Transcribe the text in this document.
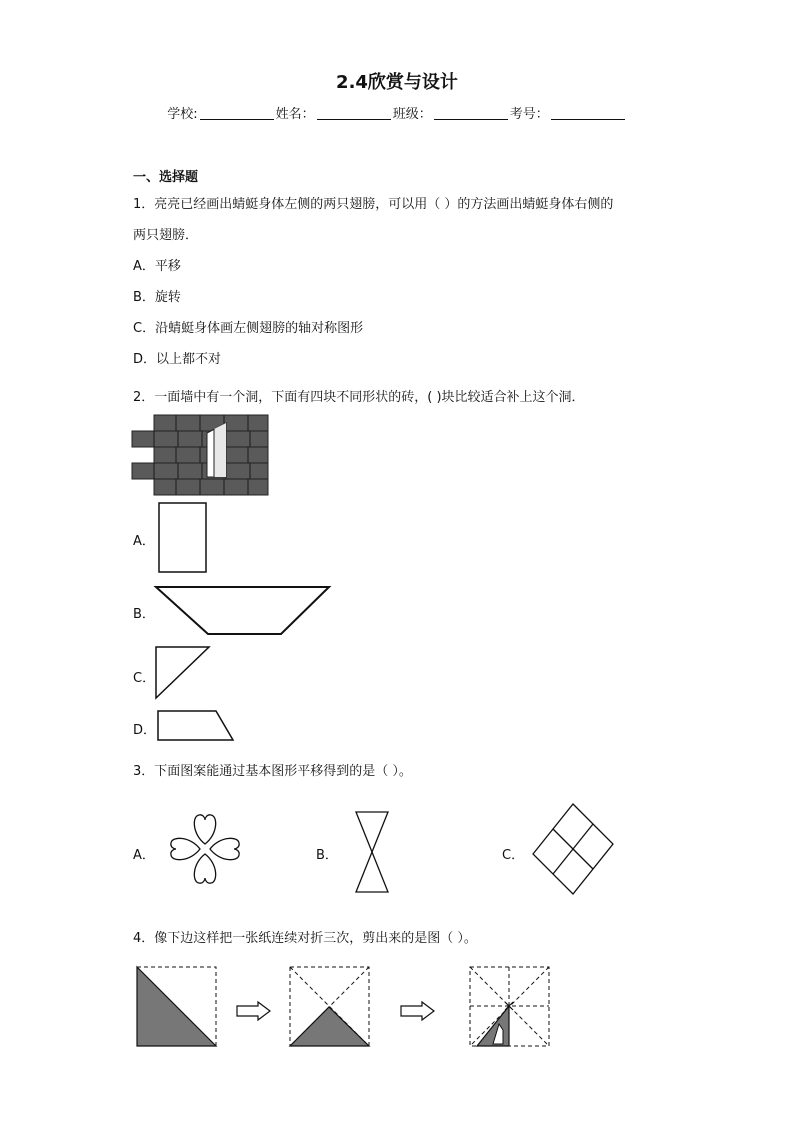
2.4欣赏与设计
学校:	姓名：	班级：	考号：
一、选择题
1．亮亮已经画出蜻蜓身体左侧的两只翅膀，可以用（ ）的方法画出蜻蜓身体右侧的
两只翅膀．
A．平移
B．旋转
C．沿蜻蜓身体画左侧翅膀的轴对称图形
D．以上都不对
2．一面墙中有一个洞，下面有四块不同形状的砖，( )块比较适合补上这个洞．
A．
B．
C．
D．
3．下面图案能通过基本图形平移得到的是（ ）。
A．	B．	C．
4．像下边这样把一张纸连续对折三次，剪出来的是图（ ）。
